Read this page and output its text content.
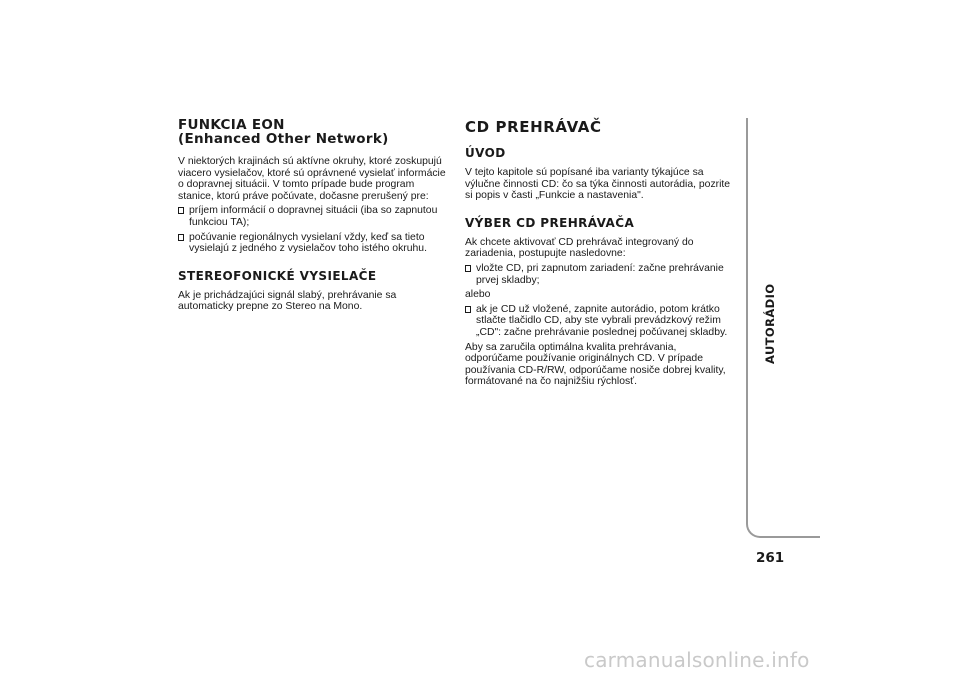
FUNKCIA EON
(Enhanced Other Network)

V niektorých krajinách sú aktívne okruhy, ktoré zoskupujú viacero vysielačov, ktoré sú oprávnené vysielať informácie o dopravnej situácii. V tomto prípade bude program stanice, ktorú práve počúvate, dočasne prerušený pre:

príjem informácií o dopravnej situácii (iba so zapnutou funkciou TA);
počúvanie regionálnych vysielaní vždy, keď sa tieto vysielajú z jedného z vysielačov toho istého okruhu.
STEREOFONICKÉ VYSIELAČE

Ak je prichádzajúci signál slabý, prehrávanie sa automaticky prepne zo Stereo na Mono.

CD PREHRÁVAČ
ÚVOD

V tejto kapitole sú popísané iba varianty týkajúce sa výlučne činnosti CD: čo sa týka činnosti autorádia, pozrite si popis v časti „Funkcie a nastavenia".

VÝBER CD PREHRÁVAČA

Ak chcete aktivovať CD prehrávač integrovaný do zariadenia, postupujte nasledovne:

vložte CD, pri zapnutom zariadení: začne prehrávanie prvej skladby;

alebo

ak je CD už vložené, zapnite autorádio, potom krátko stlačte tlačidlo CD, aby ste vybrali prevádzkový režim „CD": začne prehrávanie poslednej počúvanej skladby.

Aby sa zaručila optimálna kvalita prehrávania, odporúčame používanie originálnych CD. V prípade používania CD-R/RW, odporúčame nosiče dobrej kvality, formátované na čo najnižšiu rýchlosť.

AUTORÁDIO
261
carmanualsonline.info
